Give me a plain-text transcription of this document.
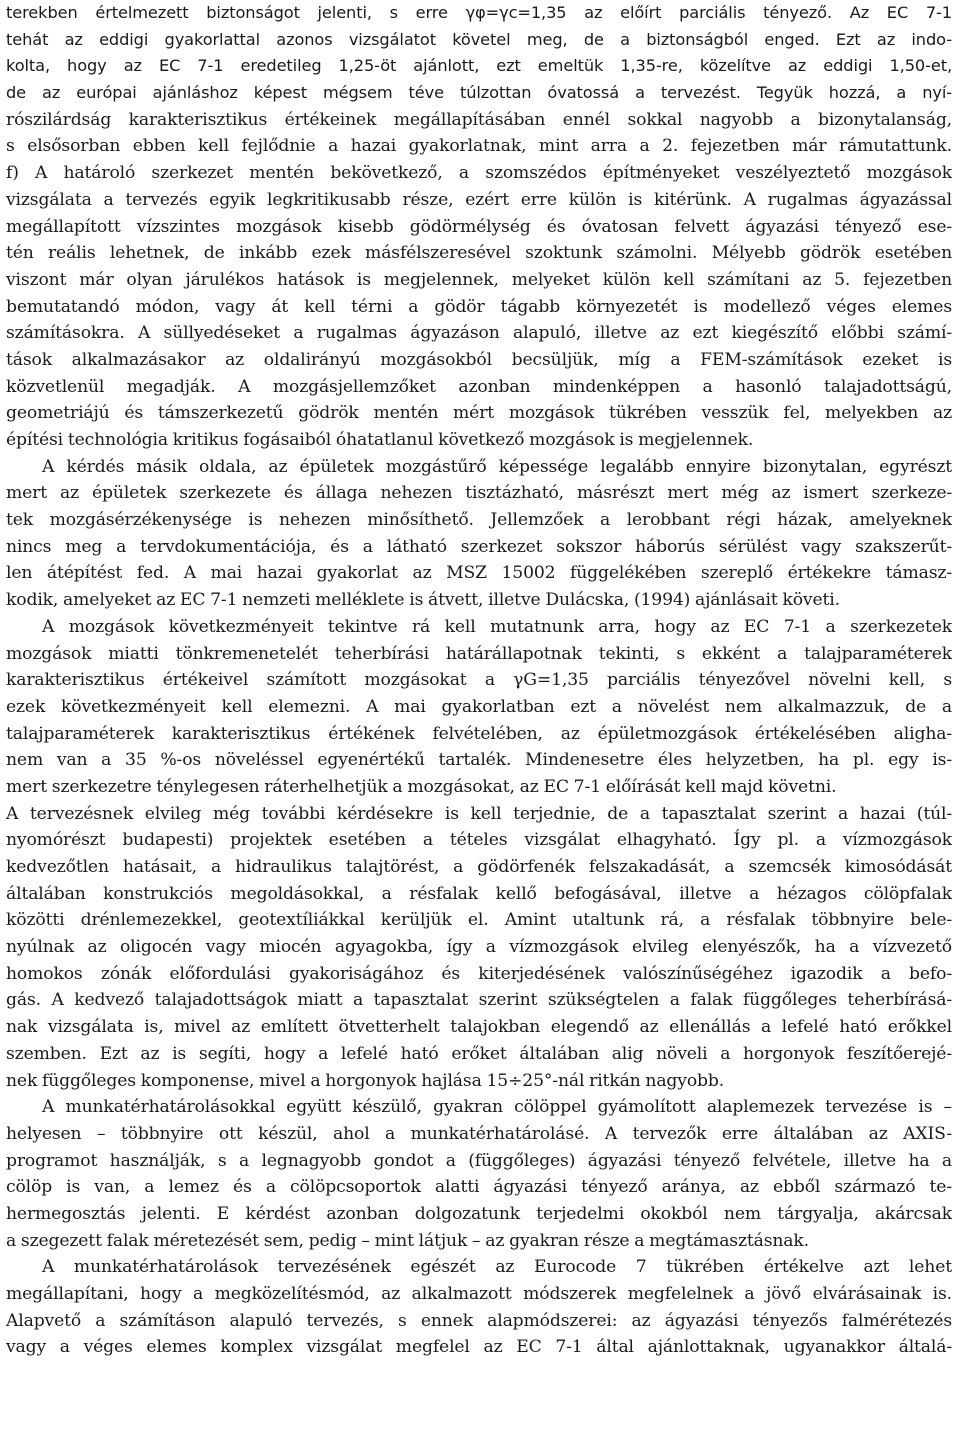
terekben értelmezett biztonságot jelenti, s erre γφ=γc=1,35 az előírt parciális tényező. Az EC 7-1
tehát az eddigi gyakorlattal azonos vizsgálatot követel meg, de a biztonságból enged. Ezt az indo-
kolta, hogy az EC 7-1 eredetileg 1,25-öt ajánlott, ezt emeltük 1,35-re, közelítve az eddigi 1,50-et,
de az európai ajánláshoz képest mégsem téve túlzottan óvatossá a tervezést. Tegyük hozzá, a nyí-
rószilárdság karakterisztikus értékeinek megállapításában ennél sokkal nagyobb a bizonytalanság,
s elsősorban ebben kell fejlődnie a hazai gyakorlatnak, mint arra a 2. fejezetben már rámutattunk.
f) A határoló szerkezet mentén bekövetkező, a szomszédos építményeket veszélyeztető mozgások
vizsgálata a tervezés egyik legkritikusabb része, ezért erre külön is kitérünk. A rugalmas ágyazással
megállapított vízszintes mozgások kisebb gödörmélység és óvatosan felvett ágyazási tényező ese-
tén reális lehetnek, de inkább ezek másfélszeresével szoktunk számolni. Mélyebb gödrök esetében
viszont már olyan járulékos hatások is megjelennek, melyeket külön kell számítani az 5. fejezetben
bemutatandó módon, vagy át kell térni a gödör tágabb környezetét is modellező véges elemes
számításokra. A süllyedéseket a rugalmas ágyazáson alapuló, illetve az ezt kiegészítő előbbi számí-
tások alkalmazásakor az oldalirányú mozgásokból becsüljük, míg a FEM-számítások ezeket is
közvetlenül megadják. A mozgásjellemzőket azonban mindenképpen a hasonló talajadottságú,
geometriájú és támszerkezetű gödrök mentén mért mozgások tükrében vesszük fel, melyekben az
építési technológia kritikus fogásaiból óhatatlanul következő mozgások is megjelennek.
A kérdés másik oldala, az épületek mozgástűrő képessége legalább ennyire bizonytalan, egyrészt
mert az épületek szerkezete és állaga nehezen tisztázható, másrészt mert még az ismert szerkeze-
tek mozgásérzékenysége is nehezen minősíthető. Jellemzőek a lerobbant régi házak, amelyeknek
nincs meg a tervdokumentációja, és a látható szerkezet sokszor háborús sérülést vagy szakszerűt-
len átépítést fed. A mai hazai gyakorlat az MSZ 15002 függelékében szereplő értékekre támasz-
kodik, amelyeket az EC 7-1 nemzeti melléklete is átvett, illetve Dulácska, (1994) ajánlásait követi.
A mozgások következményeit tekintve rá kell mutatnunk arra, hogy az EC 7-1 a szerkezetek
mozgások miatti tönkremenetelét teherbírási határállapotnak tekinti, s ekként a talajparaméterek
karakterisztikus értékeivel számított mozgásokat a γG=1,35 parciális tényezővel növelni kell, s
ezek következményeit kell elemezni. A mai gyakorlatban ezt a növelést nem alkalmazzuk, de a
talajparaméterek karakterisztikus értékének felvételében, az épületmozgások értékelésében aligha-
nem van a 35 %-os növeléssel egyenértékű tartalék. Mindenesetre éles helyzetben, ha pl. egy is-
mert szerkezetre ténylegesen ráterhelhetjük a mozgásokat, az EC 7-1 előírását kell majd követni.
A tervezésnek elvileg még további kérdésekre is kell terjednie, de a tapasztalat szerint a hazai (túl-
nyomórészt budapesti) projektek esetében a tételes vizsgálat elhagyható. Így pl. a vízmozgások
kedvezőtlen hatásait, a hidraulikus talajtörést, a gödörfenék felszakadását, a szemcsék kimosódását
általában konstrukciós megoldásokkal, a résfalak kellő befogásával, illetve a hézagos cölöpfalak
közötti drénlemezekkel, geotextíliákkal kerüljük el. Amint utaltunk rá, a résfalak többnyire bele-
nyúlnak az oligocén vagy miocén agyagokba, így a vízmozgások elvileg elenyészők, ha a vízvezető
homokos zónák előfordulási gyakoriságához és kiterjedésének valószínűségéhez igazodik a befo-
gás. A kedvező talajadottságok miatt a tapasztalat szerint szükségtelen a falak függőleges teherbírásá-
nak vizsgálata is, mivel az említett ötvetterhelt talajokban elegendő az ellenállás a lefelé ható erőkkel
szemben. Ezt az is segíti, hogy a lefelé ható erőket általában alig növeli a horgonyok feszítőerejé-
nek függőleges komponense, mivel a horgonyok hajlása 15÷25°-nál ritkán nagyobb.
A munkatérhatárolásokkal együtt készülő, gyakran cölöppel gyámolított alaplemezek tervezése is –
helyesen – többnyire ott készül, ahol a munkatérhatárolásé. A tervezők erre általában az AXIS-
programot használják, s a legnagyobb gondot a (függőleges) ágyazási tényező felvétele, illetve ha a
cölöp is van, a lemez és a cölöpcsoportok alatti ágyazási tényező aránya, az ebből származó te-
hermegosztás jelenti. E kérdést azonban dolgozatunk terjedelmi okokból nem tárgyalja, akárcsak
a szegezett falak méretezését sem, pedig – mint látjuk – az gyakran része a megtámasztásnak.
A munkatérhatárolások tervezésének egészét az Eurocode 7 tükrében értékelve azt lehet
megállapítani, hogy a megközelítésmód, az alkalmazott módszerek megfelelnek a jövő elvárásainak is.
Alapvető a számításon alapuló tervezés, s ennek alapmódszerei: az ágyazási tényezős falmérétezés
vagy a véges elemes komplex vizsgálat megfelel az EC 7-1 által ajánlottaknak, ugyanakkor általá-
